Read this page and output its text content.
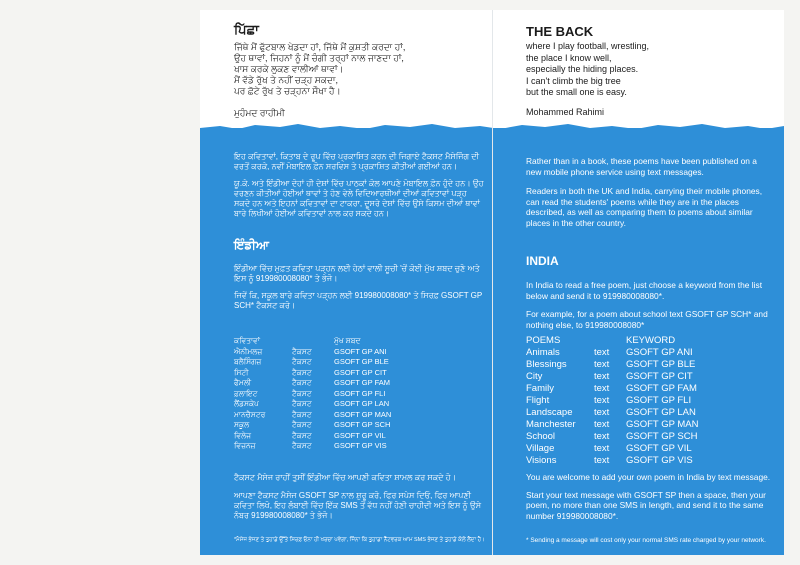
ਪਿੱਛਾ
ਜਿੱਥੇ ਮੈਂ ਫੁੱਟਬਾਲ ਖੇਡਦਾ ਹਾਂ, ਜਿੱਥੇ ਮੈਂ ਕੁਸ਼ਤੀ ਕਰਦਾ ਹਾਂ,
ਉਹ ਥਾਵਾਂ, ਜਿਹਨਾਂ ਨੂੰ ਮੈਂ ਚੰਗੀ ਤਰ੍ਹਾਂ ਨਾਲ ਜਾਣਦਾ ਹਾਂ,
ਖਾਸ ਕਰਕੇ ਲੁਕਣ ਵਾਲੀਆਂ ਥਾਵਾਂ।
ਮੈਂ ਵੱਡੇ ਰੁੱਖ ਤੇ ਨਹੀਂ ਚੜ੍ਹ ਸਕਦਾ,
ਪਰ ਛੋਟੇ ਰੁੱਖ ਤੇ ਚੜ੍ਹਨਾ ਸੌਖਾ ਹੈ।
ਮੁਹੰਮਦ ਰਾਹੀਮੀ

ਇਹ ਕਵਿਤਾਵਾਂ, ਕਿਤਾਬ ਦੇ ਰੂਪ ਵਿੱਚ ਪ੍ਰਕਾਸ਼ਿਤ ਕਰਨ ਦੀ ਜਿਗਾਏ ਟੈਕਸਟ ਮੈਸੇਜਿੰਗ ਦੀ ਵਰਤੋਂ ਕਰਕੇ, ਨਵੀਂ ਮੋਬਾਇਲ ਫ਼ੋਨ ਸਰਵਿਸ ਤੇ ਪ੍ਰਕਾਸ਼ਿਤ ਕੀਤੀਆਂ ਗਈਆਂ ਹਨ।

ਯੂ.ਕੇ. ਅਤੇ ਇੰਡੀਆ ਦੋਹਾਂ ਹੀ ਦੇਸ਼ਾਂ ਵਿੱਚ ਪਾਠਕਾਂ ਕੋਲ ਆਪਣੇ ਮੋਬਾਇਲ ਫ਼ੋਨ ਹੁੰਦੇ ਹਨ। ਉਹ ਵਰਣਨ ਕੀਤੀਆਂ ਹੋਈਆਂ ਥਾਵਾਂ ਤੇ ਹੋਣ ਵੇਲੇ ਵਿਦਿਆਰਥੀਆਂ ਦੀਆਂ ਕਵਿਤਾਵਾਂ ਪੜ੍ਹ ਸਕਦੇ ਹਨ ਅਤੇ ਇਹਨਾਂ ਕਵਿਤਾਵਾਂ ਦਾ ਟਾਕਰਾ, ਦੂਸਰੇ ਦੇਸ਼ਾਂ ਵਿੱਚ ਉਸੇ ਕਿਸਮ ਦੀਆਂ ਥਾਵਾਂ ਬਾਰੇ ਲਿਖੀਆਂ ਹੋਈਆਂ ਕਵਿਤਾਵਾਂ ਨਾਲ ਕਰ ਸਕਦੇ ਹਨ।

ਇੰਡੀਆ

ਇੰਡੀਆ ਵਿੱਚ ਮੁਫ਼ਤ ਕਵਿਤਾ ਪੜ੍ਹਨ ਲਈ ਹੇਠਾਂ ਵਾਲੀ ਸੂਚੀ 'ਚੋਂ ਕੋਈ ਮੁੱਖ ਸ਼ਬਦ ਚੁਣੋ ਅਤੇ ਇਸ ਨੂੰ 919980008080* ਤੇ ਭੇਜੋ।

ਜਿਵੇਂ ਕਿ, ਸਕੂਲ ਬਾਰੇ ਕਵਿਤਾ ਪੜ੍ਹਨ ਲਈ 919980008080* ਤੇ ਸਿਰਫ਼ GSOFT GP SCH* ਟੈਕਸਟ ਕਰੋ।

ਕਵਿਤਾਵਾਂ		ਮੁੱਖ ਸ਼ਬਦ
ਐਨੀਮਲਜ਼	ਟੈਕਸਟ	GSOFT GP ANI
ਬਲੈਸਿੰਗਜ਼	ਟੈਕਸਟ	GSOFT GP BLE
ਸਿਟੀ	ਟੈਕਸਟ	GSOFT GP CIT
ਫੈਮਲੀ	ਟੈਕਸਟ	GSOFT GP FAM
ਫ਼ਲਾਇਟ	ਟੈਕਸਟ	GSOFT GP FLI
ਲੈਂਡਸਕੇਪ	ਟੈਕਸਟ	GSOFT GP LAN
ਮਾਨਚੈਸਟਰ	ਟੈਕਸਟ	GSOFT GP MAN
ਸਕੂਲ	ਟੈਕਸਟ	GSOFT GP SCH
ਵਿਲੇਜ	ਟੈਕਸਟ	GSOFT GP VIL
ਵਿਜ਼ਨਜ਼	ਟੈਕਸਟ	GSOFT GP VIS

ਟੈਕਸਟ ਮੈਸੇਜ ਰਾਹੀਂ ਤੁਸੀਂ ਇੰਡੀਆ ਵਿੱਚ ਆਪਣੀ ਕਵਿਤਾ ਸ਼ਾਮਲ ਕਰ ਸਕਦੇ ਹੋ।

ਆਪਣਾ ਟੈਕਸਟ ਮੈਸੇਜ GSOFT SP ਨਾਲ ਸ਼ੁਰੂ ਕਰੋ, ਫਿਰ ਸਪੇਸ ਦਿਓ, ਫਿਰ ਆਪਣੀ ਕਵਿਤਾ ਲਿਖੋ, ਇਹ ਲੰਬਾਈ ਵਿੱਚ ਇੱਕ SMS ਤੋਂ ਵੱਧ ਨਹੀਂ ਹੋਣੀ ਚਾਹੀਦੀ ਅਤੇ ਇਸ ਨੂੰ ਉਸੇ ਨੰਬਰ 919980008080* ਤੇ ਭੇਜੋ।

*ਮੈਸੇਜ ਭੇਜਣ ਤੇ ਤੁਹਾਡੇ ਉੱਤੇ ਸਿਰਫ਼ ਓਨਾ ਹੀ ਖਰਚਾ ਪਵੇਗਾ, ਜਿੰਨਾ ਕਿ ਤੁਹਾਡਾ ਨੈੱਟਵਰਕ ਆਮ SMS ਭੇਜਣ ਤੇ ਤੁਹਾਡੇ ਕੋਲੋਂ ਲੈਂਦਾ ਹੈ।
THE BACK
where I play football, wrestling,
the place I know well,
especially the hiding places.
I can't climb the big tree
but the small one is easy.
Mohammed Rahimi

Rather than in a book, these poems have been published on a new mobile phone service using text messages.

Readers in both the UK and India, carrying their mobile phones, can read the students' poems while they are in the places described, as well as comparing them to poems about similar places in the other country.

INDIA

In India to read a free poem, just choose a keyword from the list below and send it to 919980008080*.

For example, for a poem about school text GSOFT GP SCH* and nothing else, to 919980008080*

POEMS		KEYWORD
Animals	text	GSOFT GP ANI
Blessings	text	GSOFT GP BLE
City	text	GSOFT GP CIT
Family	text	GSOFT GP FAM
Flight	text	GSOFT GP FLI
Landscape	text	GSOFT GP LAN
Manchester	text	GSOFT GP MAN
School	text	GSOFT GP SCH
Village	text	GSOFT GP VIL
Visions	text	GSOFT GP VIS

You are welcome to add your own poem in India by text message.

Start your text message with GSOFT SP then a space, then your poem, no more than one SMS in length, and send it to the same number 919980008080*.

* Sending a message will cost only your normal SMS rate charged by your network.
